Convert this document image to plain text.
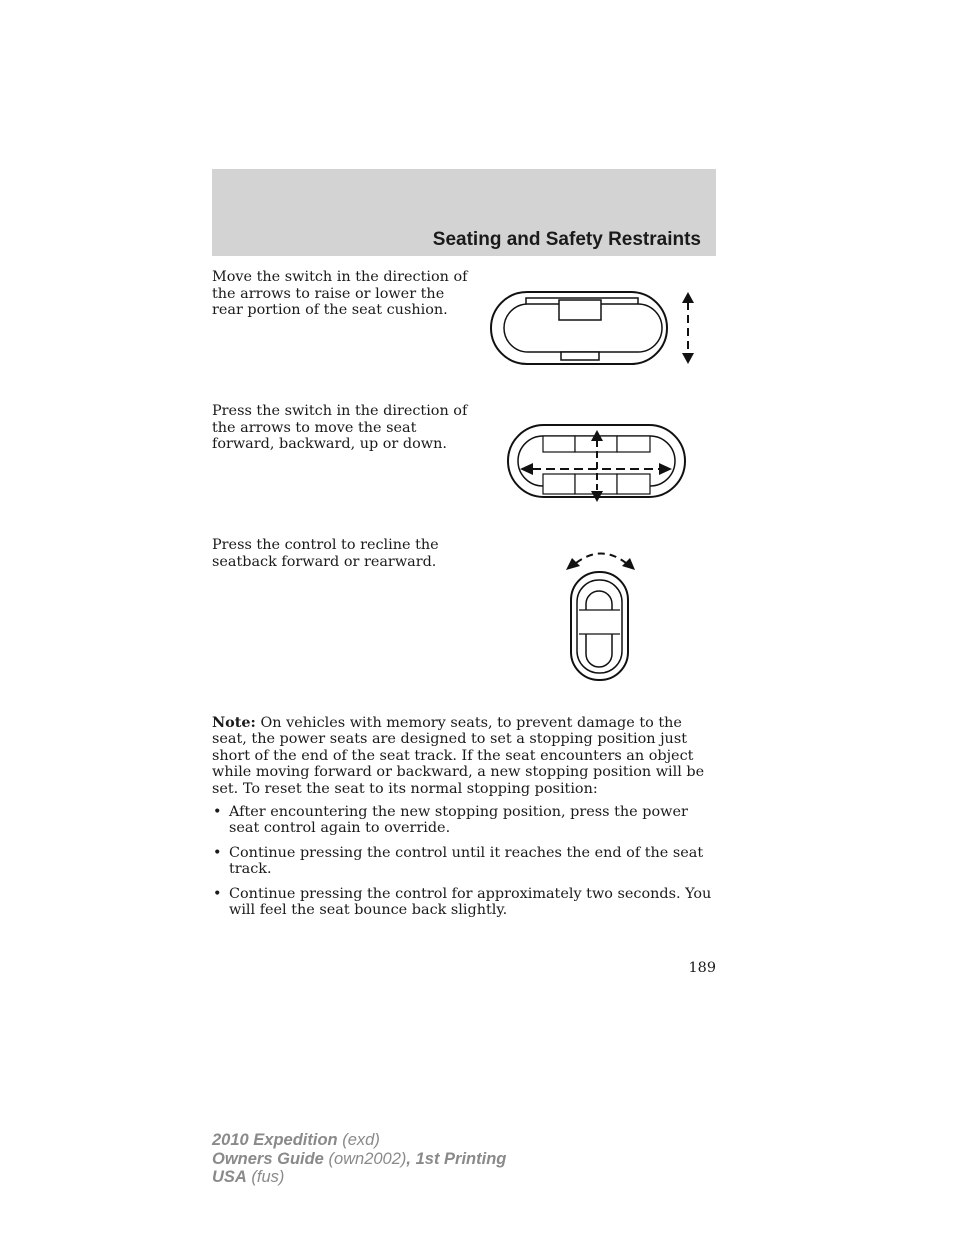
Seating and Safety Restraints
Move the switch in the direction of the arrows to raise or lower the rear portion of the seat cushion.
Press the switch in the direction of the arrows to move the seat forward, backward, up or down.
Press the control to recline the seatback forward or rearward.
Note: On vehicles with memory seats, to prevent damage to the seat, the power seats are designed to set a stopping position just short of the end of the seat track. If the seat encounters an object while moving forward or backward, a new stopping position will be set. To reset the seat to its normal stopping position:
• After encountering the new stopping position, press the power seat control again to override.
• Continue pressing the control until it reaches the end of the seat track.
• Continue pressing the control for approximately two seconds. You will feel the seat bounce back slightly.
189
2010 Expedition (exd)
Owners Guide (own2002), 1st Printing
USA (fus)
